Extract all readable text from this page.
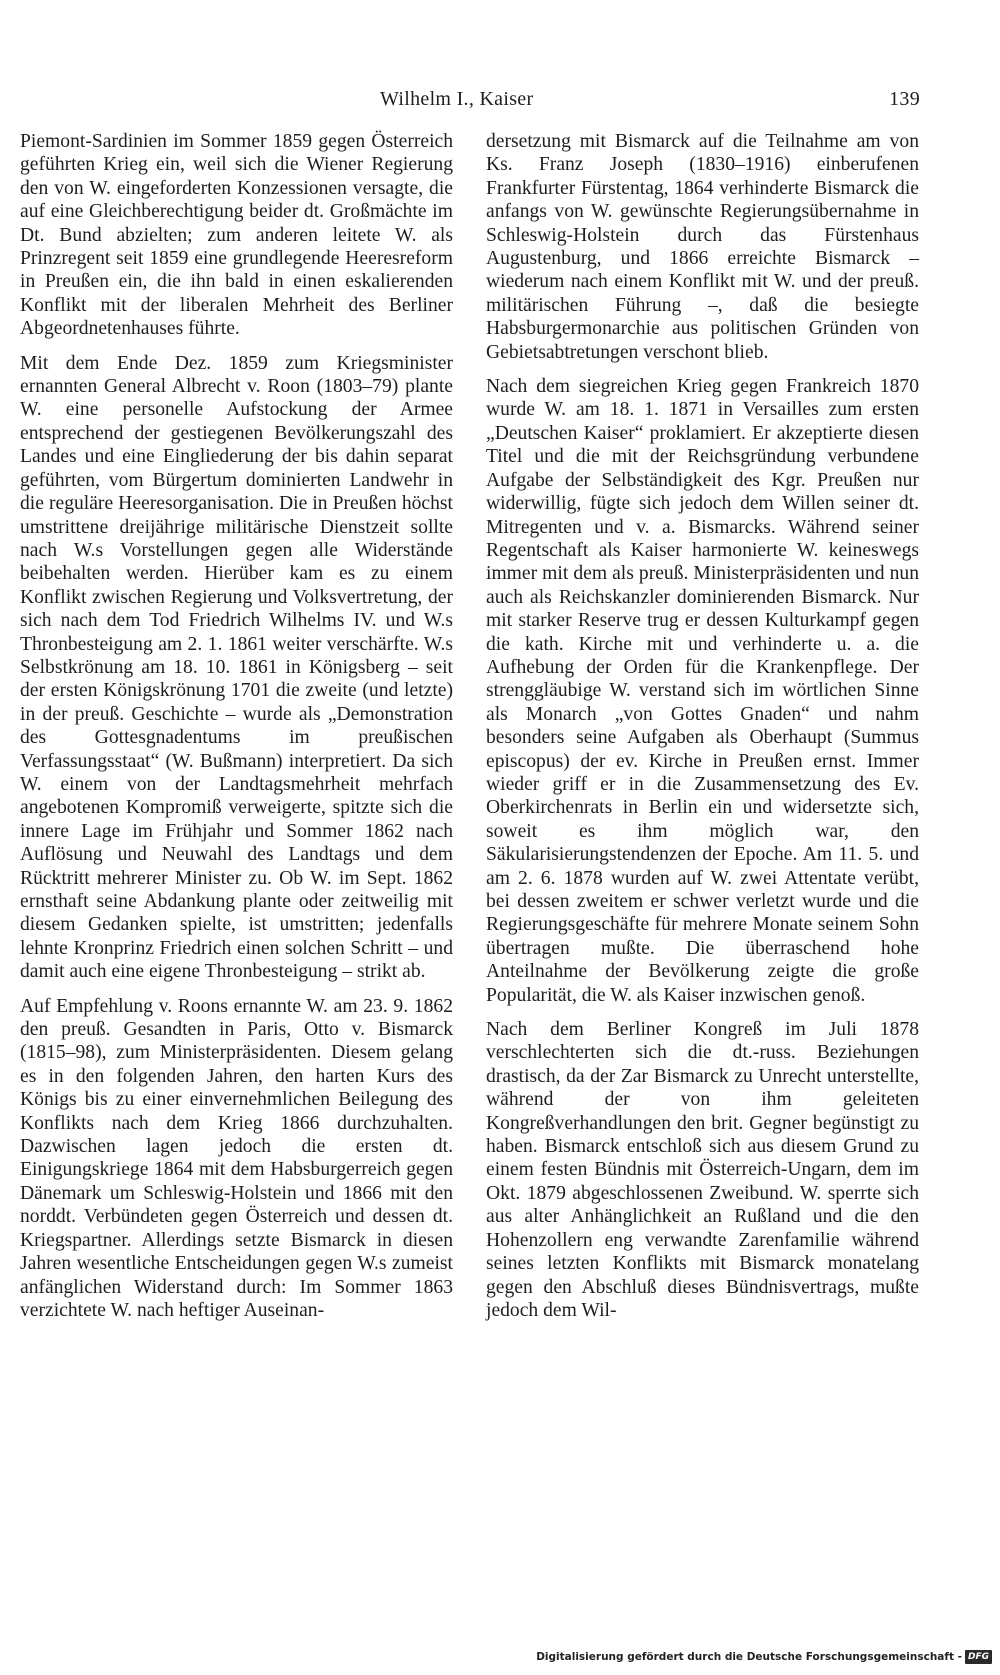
Wilhelm I., Kaiser	139

Piemont-Sardinien im Sommer 1859 gegen Österreich geführten Krieg ein, weil sich die Wiener Regierung den von W. eingeforderten Konzessionen versagte, die auf eine Gleichberechtigung beider dt. Großmächte im Dt. Bund abzielten; zum anderen leitete W. als Prinzregent seit 1859 eine grundlegende Heeresreform in Preußen ein, die ihn bald in einen eskalierenden Konflikt mit der liberalen Mehrheit des Berliner Abgeordnetenhauses führte.

Mit dem Ende Dez. 1859 zum Kriegsminister ernannten General Albrecht v. Roon (1803–79) plante W. eine personelle Aufstockung der Armee entsprechend der gestiegenen Bevölkerungszahl des Landes und eine Eingliederung der bis dahin separat geführten, vom Bürgertum dominierten Landwehr in die reguläre Heeresorganisation. Die in Preußen höchst umstrittene dreijährige militärische Dienstzeit sollte nach W.s Vorstellungen gegen alle Widerstände beibehalten werden. Hierüber kam es zu einem Konflikt zwischen Regierung und Volksvertretung, der sich nach dem Tod Friedrich Wilhelms IV. und W.s Thronbesteigung am 2. 1. 1861 weiter verschärfte. W.s Selbstkrönung am 18. 10. 1861 in Königsberg – seit der ersten Königskrönung 1701 die zweite (und letzte) in der preuß. Geschichte – wurde als „Demonstration des Gottesgnadentums im preußischen Verfassungsstaat“ (W. Bußmann) interpretiert. Da sich W. einem von der Landtagsmehrheit mehrfach angebotenen Kompromiß verweigerte, spitzte sich die innere Lage im Frühjahr und Sommer 1862 nach Auflösung und Neuwahl des Landtags und dem Rücktritt mehrerer Minister zu. Ob W. im Sept. 1862 ernsthaft seine Abdankung plante oder zeitweilig mit diesem Gedanken spielte, ist umstritten; jedenfalls lehnte Kronprinz Friedrich einen solchen Schritt – und damit auch eine eigene Thronbesteigung – strikt ab.

Auf Empfehlung v. Roons ernannte W. am 23. 9. 1862 den preuß. Gesandten in Paris, Otto v. Bismarck (1815–98), zum Ministerpräsidenten. Diesem gelang es in den folgenden Jahren, den harten Kurs des Königs bis zu einer einvernehmlichen Beilegung des Konflikts nach dem Krieg 1866 durchzuhalten. Dazwischen lagen jedoch die ersten dt. Einigungskriege 1864 mit dem Habsburgerreich gegen Dänemark um Schleswig-Holstein und 1866 mit den norddt. Verbündeten gegen Österreich und dessen dt. Kriegspartner. Allerdings setzte Bismarck in diesen Jahren wesentliche Entscheidungen gegen W.s zumeist anfänglichen Widerstand durch: Im Sommer 1863 verzichtete W. nach heftiger Auseinan-

dersetzung mit Bismarck auf die Teilnahme am von Ks. Franz Joseph (1830–1916) einberufenen Frankfurter Fürstentag, 1864 verhinderte Bismarck die anfangs von W. gewünschte Regierungsübernahme in Schleswig-Holstein durch das Fürstenhaus Augustenburg, und 1866 erreichte Bismarck – wiederum nach einem Konflikt mit W. und der preuß. militärischen Führung –, daß die besiegte Habsburgermonarchie aus politischen Gründen von Gebietsabtretungen verschont blieb.

Nach dem siegreichen Krieg gegen Frankreich 1870 wurde W. am 18. 1. 1871 in Versailles zum ersten „Deutschen Kaiser“ proklamiert. Er akzeptierte diesen Titel und die mit der Reichsgründung verbundene Aufgabe der Selbständigkeit des Kgr. Preußen nur widerwillig, fügte sich jedoch dem Willen seiner dt. Mitregenten und v. a. Bismarcks. Während seiner Regentschaft als Kaiser harmonierte W. keineswegs immer mit dem als preuß. Ministerpräsidenten und nun auch als Reichskanzler dominierenden Bismarck. Nur mit starker Reserve trug er dessen Kulturkampf gegen die kath. Kirche mit und verhinderte u. a. die Aufhebung der Orden für die Krankenpflege. Der strenggläubige W. verstand sich im wörtlichen Sinne als Monarch „von Gottes Gnaden“ und nahm besonders seine Aufgaben als Oberhaupt (Summus episcopus) der ev. Kirche in Preußen ernst. Immer wieder griff er in die Zusammensetzung des Ev. Oberkirchenrats in Berlin ein und widersetzte sich, soweit es ihm möglich war, den Säkularisierungstendenzen der Epoche. Am 11. 5. und am 2. 6. 1878 wurden auf W. zwei Attentate verübt, bei dessen zweitem er schwer verletzt wurde und die Regierungsgeschäfte für mehrere Monate seinem Sohn übertragen mußte. Die überraschend hohe Anteilnahme der Bevölkerung zeigte die große Popularität, die W. als Kaiser inzwischen genoß.

Nach dem Berliner Kongreß im Juli 1878 verschlechterten sich die dt.-russ. Beziehungen drastisch, da der Zar Bismarck zu Unrecht unterstellte, während der von ihm geleiteten Kongreßverhandlungen den brit. Gegner begünstigt zu haben. Bismarck entschloß sich aus diesem Grund zu einem festen Bündnis mit Österreich-Ungarn, dem im Okt. 1879 abgeschlossenen Zweibund. W. sperrte sich aus alter Anhänglichkeit an Rußland und die den Hohenzollern eng verwandte Zarenfamilie während seines letzten Konflikts mit Bismarck monatelang gegen den Abschluß dieses Bündnisvertrags, mußte jedoch dem Wil-

Digitalisierung gefördert durch die Deutsche Forschungsgemeinschaft - DFG
